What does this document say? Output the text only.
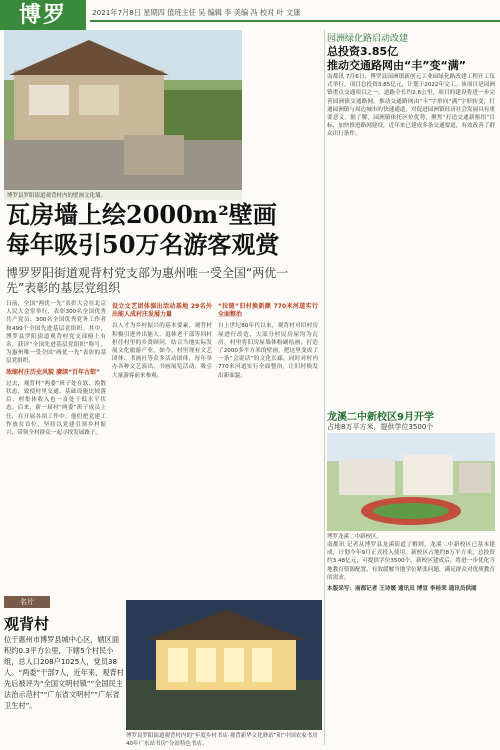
博罗	2021年7月8日 星期四 值班主任 吴 编辑 李 美编 冯 校对 叶 文康
博罗县罗阳街道观背村内的壁画文化墙。
瓦房墙上绘2000m²壁画
每年吸引50万名游客观赏
博罗罗阳街道观背村党支部为惠州唯一受全国“两优一先”表彰的基层党组织

日前，全国“两优一先”表彰大会在北京人民大会堂举行，表彰300名全国优秀共产党员、300名全国优秀党务工作者和499个全国先进基层党组织。其中，博罗县罗阳街道观背村党支部榜上有名，获评“全国先进基层党组织”称号，为惠州唯一受全国“两优一先”表彰的基层党组织。

浓缩村庄历史风貌 赓续“百年古街”

过去，观背村“两委”班子处在软、涣散状态，致使村里交通、基础设施比较落后，村集体收入也一直处于低水平状态。后来，新一届村“两委”班子成员上任，在开展各项工作中，他们把党建工作放在首位，坚持以党建引领乡村振兴，带领全村群众一起寻找发展路子。

设立文艺团体演出活动基地 29名外出能人成村庄发展力量

以人才为乡村振兴的基本要素，观背村积极引进外出能人、退休老干部等回村担任村里的乡贤顾问，结合当地实际发展文化旅游产业。如今，村里现有文艺团体、书画社等众多活动团体，每年举办各种文艺演出、书画展览活动，吸引大量游客前来参观。

“拉链”旧村换新颜 770米河道实行全面整治

自上世纪80年代以来，观背村对旧村房屋进行改造，大部分村民房屋均为瓦房。村里将旧房屋墙体粉刷绘画，打造了2000多平方米的壁画，把这里变成了一条“会说话”的文化长廊，同时对村内770米河道实行全面整治，让旧村焕发出新面貌。

园洲绿化路启动改建
总投资3.85亿
推动交通路网由“丰”变“满”
南都讯 7月6日，博罗县园洲镇新创元工业园绿化路改建工程开工仪式举行，项目总投资3.85亿元，计划于2022年完工。该项目是园洲镇重点交通项目之一，道路全长约2.6公里，项目的建设将进一步完善园洲镇交通路网，推动交通路网由“丰”字形向“满”字形转变，打通园洲镇与周边城市的快速通道，对促进园洲镇经济社会发展具有重要意义。据了解，园洲镇依托区位优势，聚焦“打造交通新枢纽”目标，加快推进路网建设，近年来已建成多条交通要道，有效改善了群众出行条件。
龙溪二中新校区9月开学
占地8万平方米，提供学位3500个
博罗龙溪二中新校区。

南都讯 记者从博罗县龙溪街道了解到，龙溪二中新校区已基本建成，计划今年9月正式投入使用。新校区占地约8万平方米，总投资约3.48亿元，可提供学位3500个。新校区建成后，将进一步优化当地教育资源配置，有效缓解当地学位紧张问题，满足群众对优质教育的需求。

本版采写：南都记者 王诗媛 通讯员 博宣 李桂荣 通讯员供图

名片
观背村
位于惠州市博罗县城中心区，辖区面积约0.3平方公里，下辖5个村民小组，总人口208户1025人，党员38人。“两委”干部7人，近年来，观背村先后被评为“全国文明村镇”“全国民主法治示范村”“广东省文明村”“广东省卫生村”。
博罗县罗阳街道观背村内的“年度乡村书店·观背新华文化驿站”和“中国农家书房40年广东站书房”分站特色书店。
